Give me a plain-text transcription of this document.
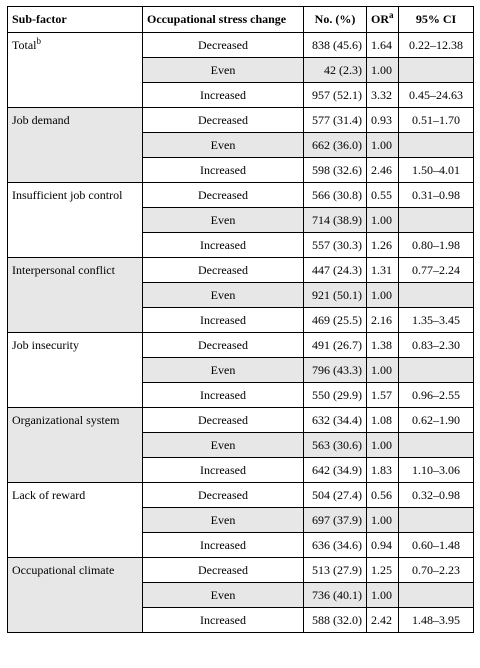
Sub-factor	Occupational stress change	No. (%)	$OR^a$	95% CI
Total$^b$	Decreased	838 (45.6)	1.64	0.22–12.38
	Even	42 (2.3)	1.00	
	Increased	957 (52.1)	3.32	0.45–24.63
Job demand	Decreased	577 (31.4)	0.93	0.51–1.70
	Even	662 (36.0)	1.00	
	Increased	598 (32.6)	2.46	1.50–4.01
Insufficient job control	Decreased	566 (30.8)	0.55	0.31–0.98
	Even	714 (38.9)	1.00	
	Increased	557 (30.3)	1.26	0.80–1.98
Interpersonal conflict	Decreased	447 (24.3)	1.31	0.77–2.24
	Even	921 (50.1)	1.00	
	Increased	469 (25.5)	2.16	1.35–3.45
Job insecurity	Decreased	491 (26.7)	1.38	0.83–2.30
	Even	796 (43.3)	1.00	
	Increased	550 (29.9)	1.57	0.96–2.55
Organizational system	Decreased	632 (34.4)	1.08	0.62–1.90
	Even	563 (30.6)	1.00	
	Increased	642 (34.9)	1.83	1.10–3.06
Lack of reward	Decreased	504 (27.4)	0.56	0.32–0.98
	Even	697 (37.9)	1.00	
	Increased	636 (34.6)	0.94	0.60–1.48
Occupational climate	Decreased	513 (27.9)	1.25	0.70–2.23
	Even	736 (40.1)	1.00	
	Increased	588 (32.0)	2.42	1.48–3.95
